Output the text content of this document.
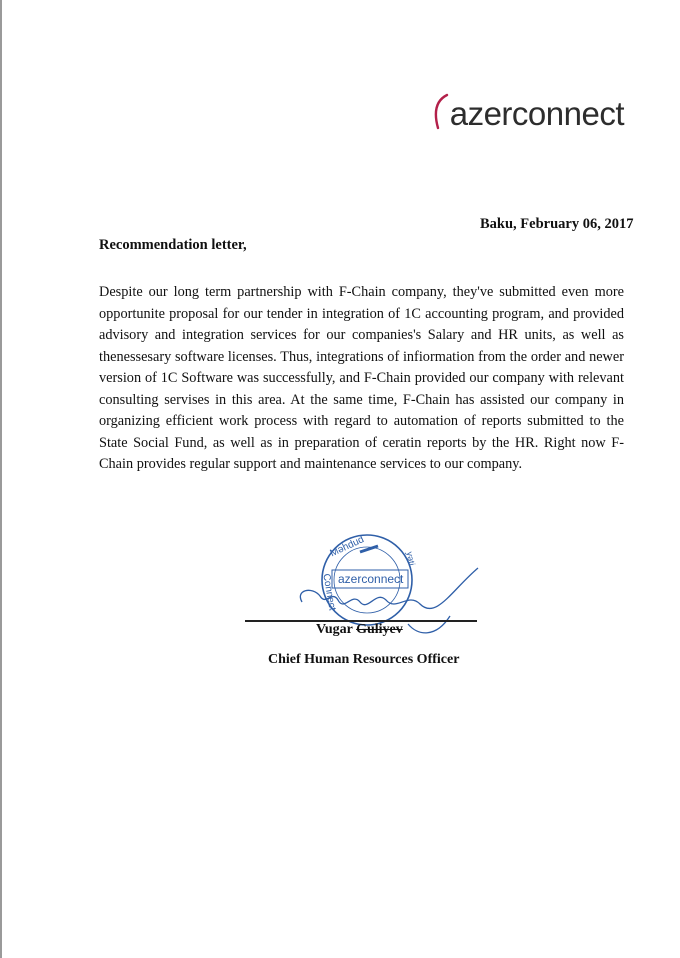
azerconnect
Baku, February 06, 2017
Recommendation letter,
Despite our long term partnership with F-Chain company, they've submitted even more opportunite proposal for our tender in integration of 1C accounting program, and provided advisory and integration services for our companies's Salary and HR units, as well as thenessesary software licenses. Thus, integrations of infiormation from the order and newer version of 1C Software was successfully, and F-Chain provided our company with relevant consulting servises in this area. At the same time, F-Chain has assisted our company in organizing efficient work process with regard to automation of reports submitted to the State Social Fund, as well as in preparation of ceratin reports by the HR. Right now F-Chain provides regular support and maintenance services to our company.
Məhdud
Connect
yəti
azerconnect
Vugar Guliyev
Chief Human Resources Officer
